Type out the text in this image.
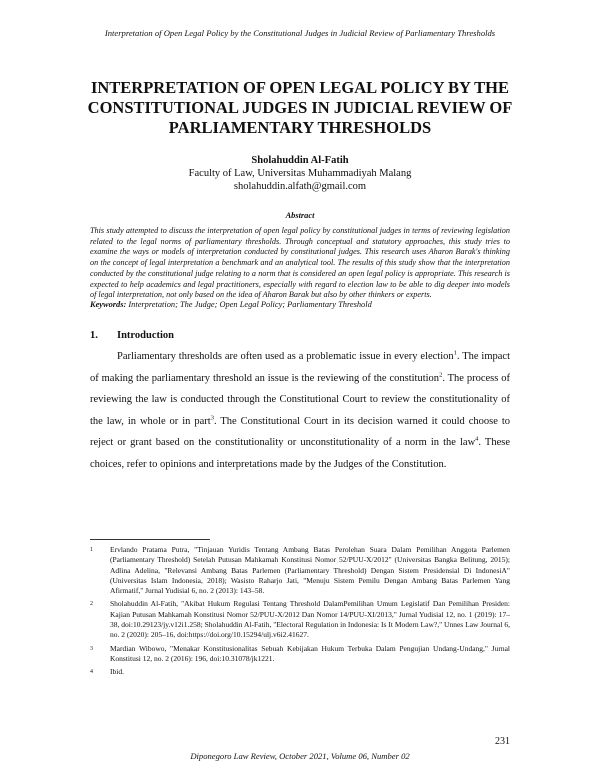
Interpretation of Open Legal Policy by the Constitutional Judges in Judicial Review of Parliamentary Thresholds
INTERPRETATION OF OPEN LEGAL POLICY BY THE CONSTITUTIONAL JUDGES IN JUDICIAL REVIEW OF PARLIAMENTARY THRESHOLDS
Sholahuddin Al-Fatih
Faculty of Law, Universitas Muhammadiyah Malang
sholahuddin.alfath@gmail.com
Abstract

This study attempted to discuss the interpretation of open legal policy by constitutional judges in terms of reviewing legislation related to the legal norms of parliamentary thresholds. Through conceptual and statutory approaches, this study tries to examine the ways or models of interpretation conducted by constitutional judges. This research uses Aharon Barak's thinking on the concept of legal interpretation a benchmark and an analytical tool. The results of this study show that the interpretation conducted by the constitutional judge relating to a norm that is considered an open legal policy is appropriate. This research is expected to help academics and legal practitioners, especially with regard to election law to be able to dig deeper into models of legal interpretation, not only based on the idea of Aharon Barak but also by other thinkers or experts.

Keywords: Interpretation; The Judge; Open Legal Policy; Parliamentary Threshold
1. Introduction

Parliamentary thresholds are often used as a problematic issue in every election$^1$. The impact of making the parliamentary threshold an issue is the reviewing of the constitution$^2$. The process of reviewing the law is conducted through the Constitutional Court to review the constitutionality of the law, in whole or in part$^3$. The Constitutional Court in its decision warned it could choose to reject or grant based on the constitutionality or unconstitutionality of a norm in the law$^4$. These choices, refer to opinions and interpretations made by the Judges of the Constitution.

1	Ervlando Pratama Putra, "Tinjauan Yuridis Tentang Ambang Batas Perolehan Suara Dalam Pemilihan Anggota Parlemen (Parliamentary Threshold) Setelah Putusan Mahkamah Konstitusi Nomor 52/PUU-X/2012" (Universitas Bangka Belitung, 2015); Adlina Adelina, "Relevansi Ambang Batas Parlemen (Parliamentary Threshold) Dengan Sistem Presidensial Di IndonesiA" (Universitas Islam Indonesia, 2018); Wasisto Raharjo Jati, "Menuju Sistem Pemilu Dengan Ambang Batas Parlemen Yang Afirmatif," Jurnal Yudisial 6, no. 2 (2013): 143–58.
2	Sholahuddin Al-Fatih, "Akibat Hukum Regulasi Tentang Threshold DalamPemilihan Umum Legislatif Dan Pemilihan Presiden: Kajian Putusan Mahkamah Konstitusi Nomor 52/PUU-X/2012 Dan Nomor 14/PUU-XI/2013," Jurnal Yudisial 12, no. 1 (2019): 17–38, doi:10.29123/jy.v12i1.258; Sholahuddin Al-Fatih, "Electoral Regulation in Indonesia: Is It Modern Law?," Unnes Law Journal 6, no. 2 (2020): 205–16, doi:https://doi.org/10.15294/ulj.v6i2.41627.
3	Mardian Wibowo, "Menakar Konstitusionalitas Sebuah Kebijakan Hukum Terbuka Dalam Pengujian Undang-Undang," Jurnal Konstitusi 12, no. 2 (2016): 196, doi:10.31078/jk1221.
4	Ibid.
231
Diponegoro Law Review, October 2021, Volume 06, Number 02
